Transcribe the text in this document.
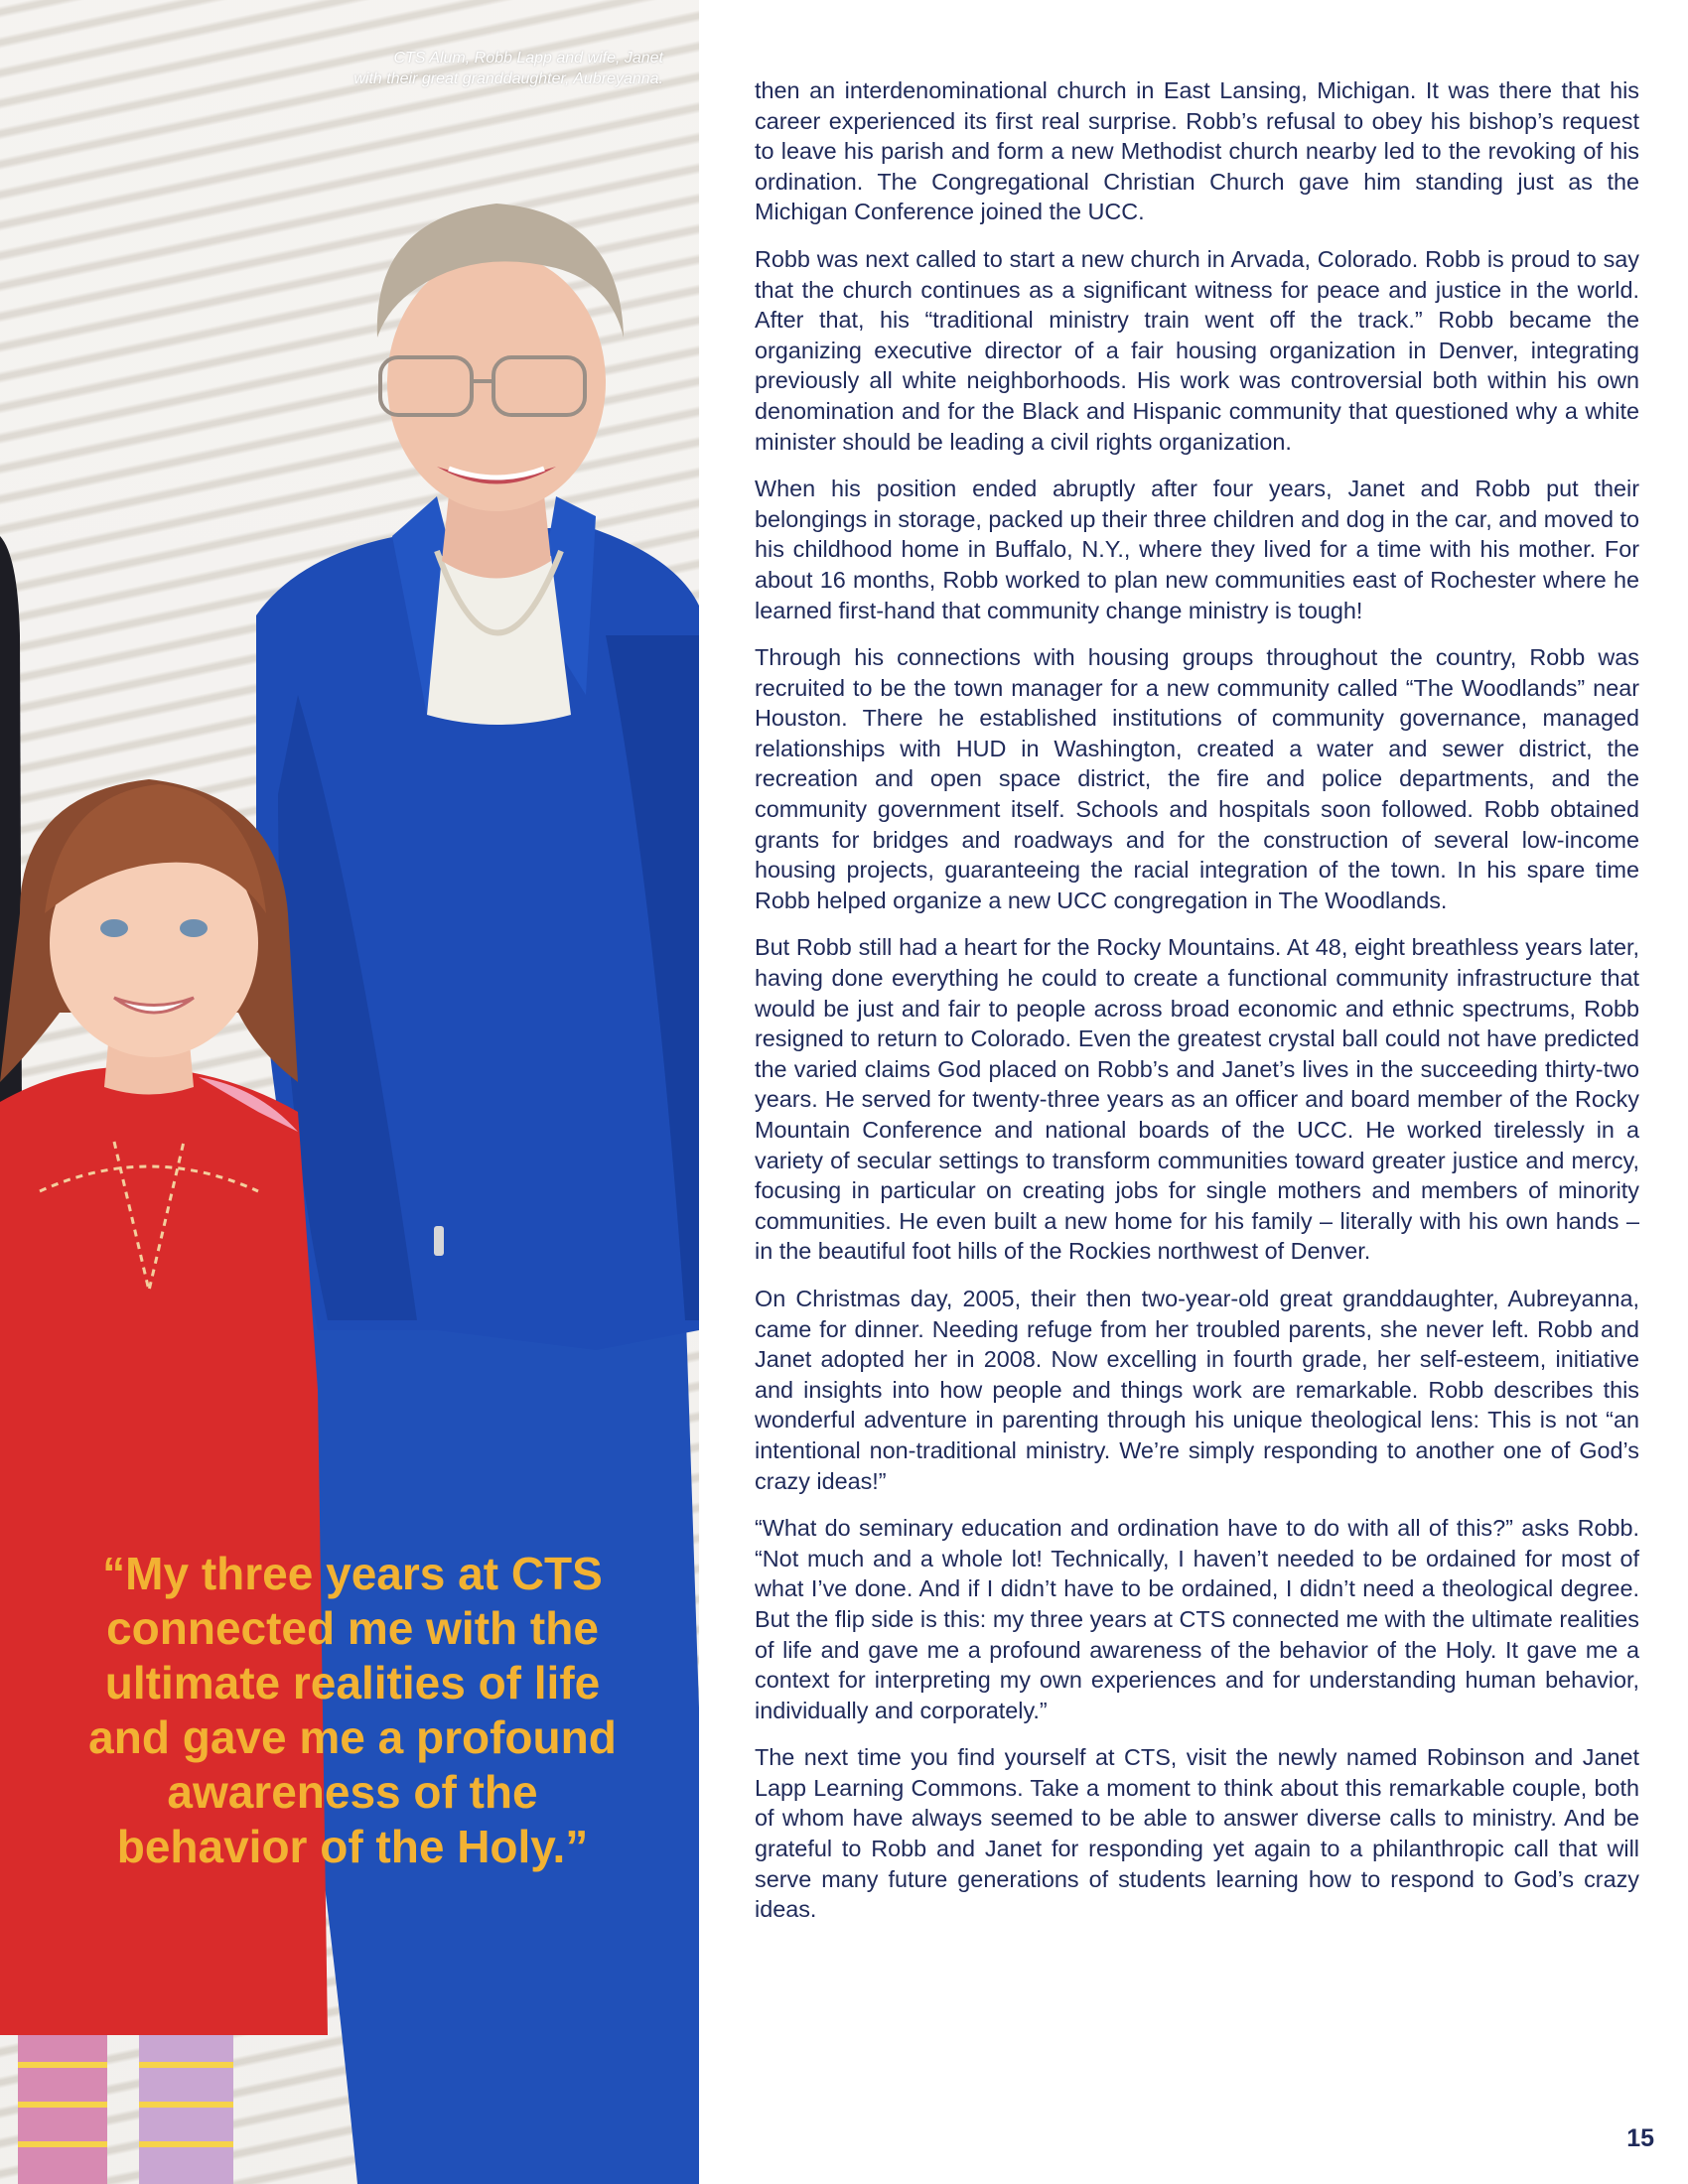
CTS Alum, Robb Lapp and wife, Janet
with their great granddaughter, Aubreyanna.
“My three years at CTS
connected me with the
ultimate realities of life
and gave me a profound
awareness of the
behavior of the Holy.”

then an interdenominational church in East Lansing, Michigan. It was there that his career experienced its first real surprise. Robb’s refusal to obey his bishop’s request to leave his parish and form a new Methodist church nearby led to the revoking of his ordination. The Congregational Christian Church gave him standing just as the Michigan Conference joined the UCC.

Robb was next called to start a new church in Arvada, Colorado. Robb is proud to say that the church continues as a significant witness for peace and justice in the world. After that, his “traditional ministry train went off the track.” Robb became the organizing executive director of a fair housing organization in Denver, integrating previously all white neighborhoods. His work was controversial both within his own denomination and for the Black and Hispanic community that questioned why a white minister should be leading a civil rights organization.

When his position ended abruptly after four years, Janet and Robb put their belongings in storage, packed up their three children and dog in the car, and moved to his childhood home in Buffalo, N.Y., where they lived for a time with his mother. For about 16 months, Robb worked to plan new communities east of Rochester where he learned first-hand that community change ministry is tough!

Through his connections with housing groups throughout the country, Robb was recruited to be the town manager for a new community called “The Woodlands” near Houston. There he established institutions of community governance, managed relationships with HUD in Washington, created a water and sewer district, the recreation and open space district, the fire and police departments, and the community government itself. Schools and hospitals soon followed. Robb obtained grants for bridges and roadways and for the construction of several low-income housing projects, guaranteeing the racial integration of the town. In his spare time Robb helped organize a new UCC congregation in The Woodlands.

But Robb still had a heart for the Rocky Mountains. At 48, eight breathless years later, having done everything he could to create a functional community infrastructure that would be just and fair to people across broad economic and ethnic spectrums, Robb resigned to return to Colorado. Even the greatest crystal ball could not have predicted the varied claims God placed on Robb’s and Janet’s lives in the succeeding thirty-two years. He served for twenty-three years as an officer and board member of the Rocky Mountain Conference and national boards of the UCC. He worked tirelessly in a variety of secular settings to transform communities toward greater justice and mercy, focusing in particular on creating jobs for single mothers and members of minority communities. He even built a new home for his family – literally with his own hands – in the beautiful foot hills of the Rockies northwest of Denver.

On Christmas day, 2005, their then two-year-old great granddaughter, Aubreyanna, came for dinner. Needing refuge from her troubled parents, she never left. Robb and Janet adopted her in 2008. Now excelling in fourth grade, her self-esteem, initiative and insights into how people and things work are remarkable. Robb describes this wonderful adventure in parenting through his unique theological lens: This is not “an intentional non-traditional ministry. We’re simply responding to another one of God’s crazy ideas!”

“What do seminary education and ordination have to do with all of this?” asks Robb. “Not much and a whole lot! Technically, I haven’t needed to be ordained for most of what I’ve done. And if I didn’t have to be ordained, I didn’t need a theological degree. But the flip side is this: my three years at CTS connected me with the ultimate realities of life and gave me a profound awareness of the behavior of the Holy. It gave me a context for interpreting my own experiences and for understanding human behavior, individually and corporately.”

The next time you find yourself at CTS, visit the newly named Robinson and Janet Lapp Learning Commons. Take a moment to think about this remarkable couple, both of whom have always seemed to be able to answer diverse calls to ministry. And be grateful to Robb and Janet for responding yet again to a philanthropic call that will serve many future generations of students learning how to respond to God’s crazy ideas.

15
